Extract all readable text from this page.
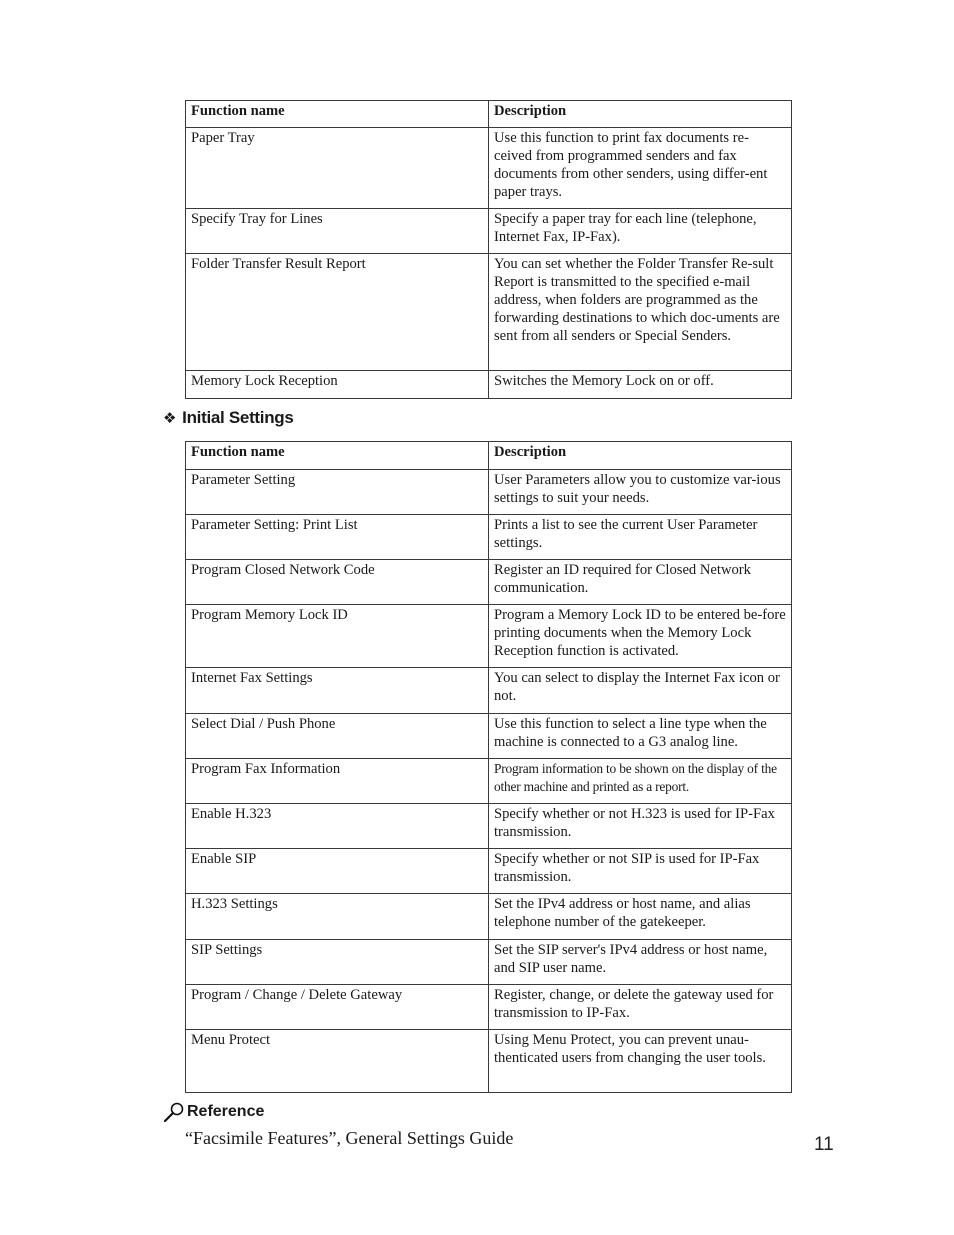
Function name	Description
Paper Tray	Use this function to print fax documents re-ceived from programmed senders and fax documents from other senders, using differ-ent paper trays.
Specify Tray for Lines	Specify a paper tray for each line (telephone, Internet Fax, IP-Fax).
Folder Transfer Result Report	You can set whether the Folder Transfer Re-sult Report is transmitted to the specified e-mail address, when folders are programmed as the forwarding destinations to which doc-uments are sent from all senders or Special Senders.
Memory Lock Reception	Switches the Memory Lock on or off.
❖ Initial Settings
Function name	Description
Parameter Setting	User Parameters allow you to customize var-ious settings to suit your needs.
Parameter Setting: Print List	Prints a list to see the current User Parameter settings.
Program Closed Network Code	Register an ID required for Closed Network communication.
Program Memory Lock ID	Program a Memory Lock ID to be entered be-fore printing documents when the Memory Lock Reception function is activated.
Internet Fax Settings	You can select to display the Internet Fax icon or not.
Select Dial / Push Phone	Use this function to select a line type when the machine is connected to a G3 analog line.
Program Fax Information	Program information to be shown on the display of the other machine and printed as a report.
Enable H.323	Specify whether or not H.323 is used for IP-Fax transmission.
Enable SIP	Specify whether or not SIP is used for IP-Fax transmission.
H.323 Settings	Set the IPv4 address or host name, and alias telephone number of the gatekeeper.
SIP Settings	Set the SIP server's IPv4 address or host name, and SIP user name.
Program / Change / Delete Gateway	Register, change, or delete the gateway used for transmission to IP-Fax.
Menu Protect	Using Menu Protect, you can prevent unau-thenticated users from changing the user tools.
Reference
“Facsimile Features”, General Settings Guide	11
